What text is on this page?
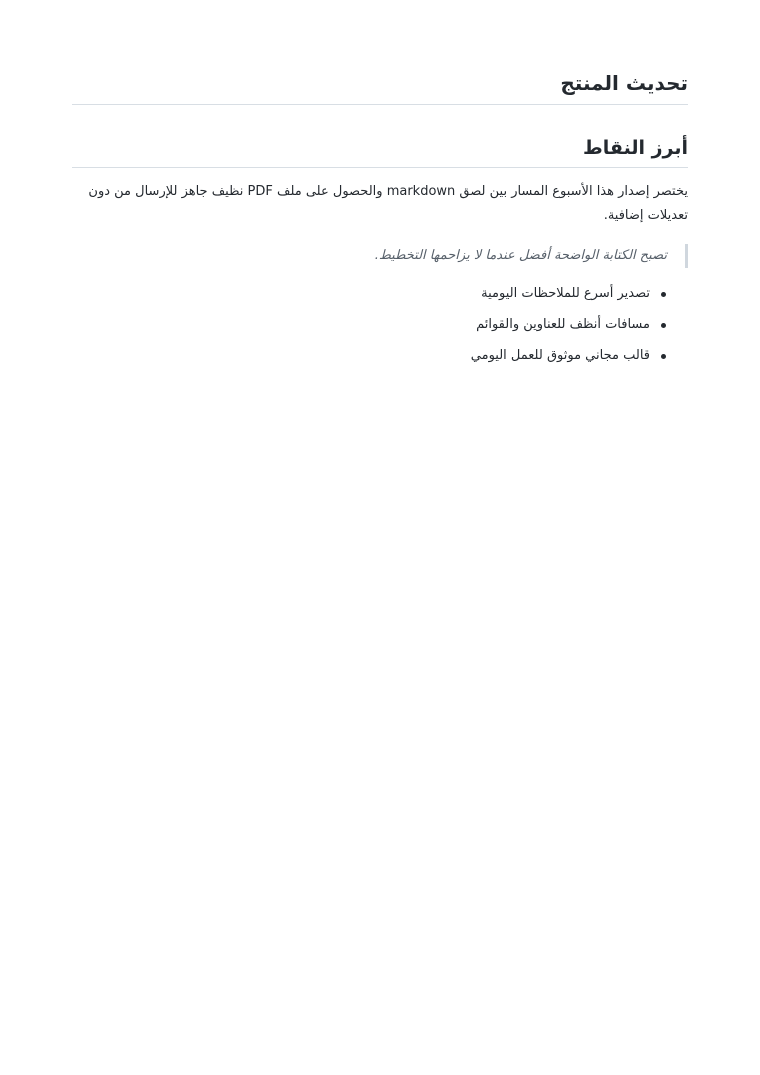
تحديث المنتج
أبرز النقاط

يختصر إصدار هذا الأسبوع المسار بين لصق markdown والحصول على ملف PDF نظيف جاهز للإرسال من دون تعديلات إضافية.

تصبح الكتابة الواضحة أفضل عندما لا يزاحمها التخطيط.
تصدير أسرع للملاحظات اليومية
مسافات أنظف للعناوين والقوائم
قالب مجاني موثوق للعمل اليومي
